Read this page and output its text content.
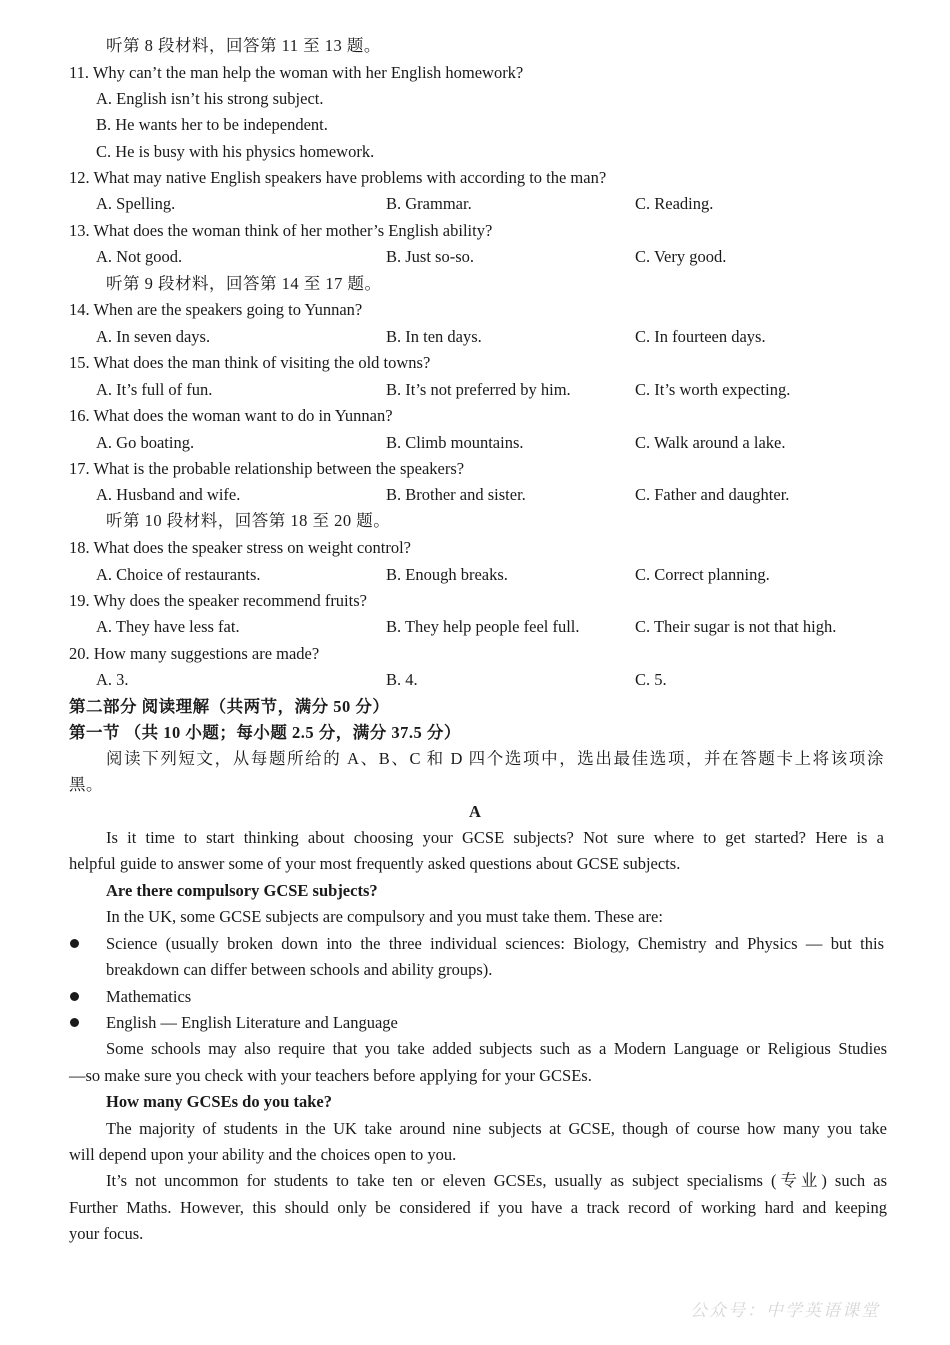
听第 8 段材料，回答第 11 至 13 题。
11. Why can’t the man help the woman with her English homework?
A. English isn’t his strong subject.
B. He wants her to be independent.
C. He is busy with his physics homework.
12. What may native English speakers have problems with according to the man?
A. Spelling.	B. Grammar.	C. Reading.
13. What does the woman think of her mother’s English ability?
A. Not good.	B. Just so-so.	C. Very good.
听第 9 段材料，回答第 14 至 17 题。
14. When are the speakers going to Yunnan?
A. In seven days.	B. In ten days.	C. In fourteen days.
15. What does the man think of visiting the old towns?
A. It’s full of fun.	B. It’s not preferred by him.	C. It’s worth expecting.
16. What does the woman want to do in Yunnan?
A. Go boating.	B. Climb mountains.	C. Walk around a lake.
17. What is the probable relationship between the speakers?
A. Husband and wife.	B. Brother and sister.	C. Father and daughter.
听第 10 段材料，回答第 18 至 20 题。
18. What does the speaker stress on weight control?
A. Choice of restaurants.	B. Enough breaks.	C. Correct planning.
19. Why does the speaker recommend fruits?
A. They have less fat.	B. They help people feel full.	C. Their sugar is not that high.
20. How many suggestions are made?
A. 3.	B. 4.	C. 5.
第二部分 阅读理解（共两节，满分 50 分）
第一节 （共 10 小题；每小题 2.5 分，满分 37.5 分）
阅读下列短文，从每题所给的 A、B、C 和 D 四个选项中，选出最佳选项，并在答题卡上将该项涂
黑。
A
Is it time to start thinking about choosing your GCSE subjects? Not sure where to get started? Here is a
helpful guide to answer some of your most frequently asked questions about GCSE subjects.
Are there compulsory GCSE subjects?
In the UK, some GCSE subjects are compulsory and you must take them. These are:
Science (usually broken down into the three individual sciences: Biology, Chemistry and Physics — but this
breakdown can differ between schools and ability groups).
Mathematics
English — English Literature and Language
Some schools may also require that you take added subjects such as a Modern Language or Religious Studies
—so make sure you check with your teachers before applying for your GCSEs.
How many GCSEs do you take?
The majority of students in the UK take around nine subjects at GCSE, though of course how many you take
will depend upon your ability and the choices open to you.
It’s not uncommon for students to take ten or eleven GCSEs, usually as subject specialisms (专业) such as
Further Maths. However, this should only be considered if you have a track record of working hard and keeping
your focus.
公众号：中学英语课堂
